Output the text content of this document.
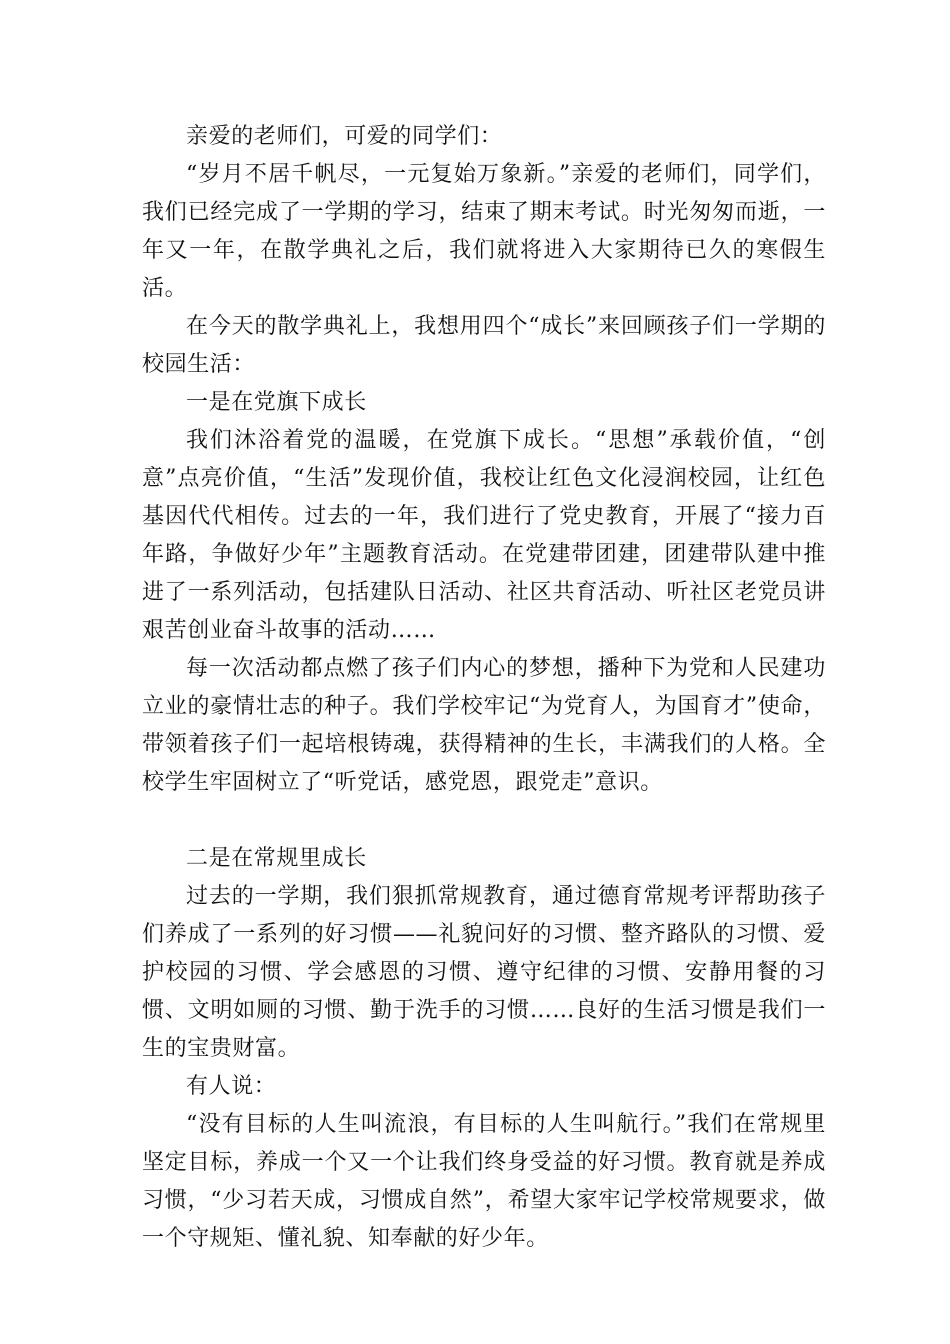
亲爱的老师们，可爱的同学们：

“岁月不居千帆尽，一元复始万象新。”亲爱的老师们，同学们，我们已经完成了一学期的学习，结束了期末考试。时光匆匆而逝，一年又一年，在散学典礼之后，我们就将进入大家期待已久的寒假生活。

在今天的散学典礼上，我想用四个“成长”来回顾孩子们一学期的校园生活：

一是在党旗下成长

我们沐浴着党的温暖，在党旗下成长。“思想”承载价值，“创意”点亮价值，“生活”发现价值，我校让红色文化浸润校园，让红色基因代代相传。过去的一年，我们进行了党史教育，开展了“接力百年路，争做好少年”主题教育活动。在党建带团建，团建带队建中推进了一系列活动，包括建队日活动、社区共育活动、听社区老党员讲艰苦创业奋斗故事的活动……

每一次活动都点燃了孩子们内心的梦想，播种下为党和人民建功立业的豪情壮志的种子。我们学校牢记“为党育人，为国育才”使命，带领着孩子们一起培根铸魂，获得精神的生长，丰满我们的人格。全校学生牢固树立了“听党话，感党恩，跟党走”意识。

二是在常规里成长

过去的一学期，我们狠抓常规教育，通过德育常规考评帮助孩子们养成了一系列的好习惯——礼貌问好的习惯、整齐路队的习惯、爱护校园的习惯、学会感恩的习惯、遵守纪律的习惯、安静用餐的习惯、文明如厕的习惯、勤于洗手的习惯……良好的生活习惯是我们一生的宝贵财富。

有人说：

“没有目标的人生叫流浪，有目标的人生叫航行。”我们在常规里坚定目标，养成一个又一个让我们终身受益的好习惯。教育就是养成习惯，“少习若天成，习惯成自然”，希望大家牢记学校常规要求，做一个守规矩、懂礼貌、知奉献的好少年。
